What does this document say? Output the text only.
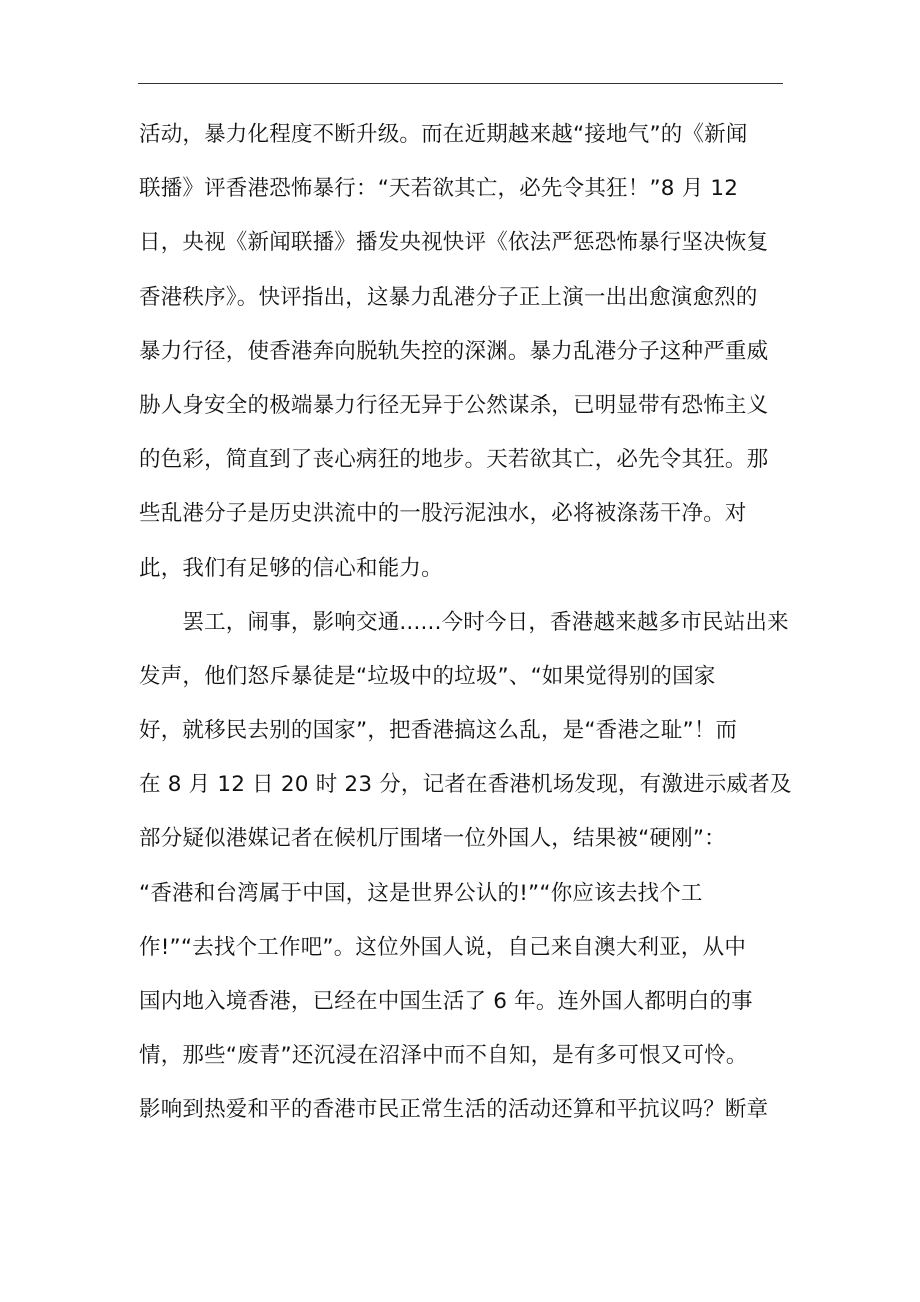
活动，暴力化程度不断升级。而在近期越来越“接地气”的《新闻
联播》评香港恐怖暴行：“天若欲其亡，必先令其狂！”8 月 12
日，央视《新闻联播》播发央视快评《依法严惩恐怖暴行坚决恢复
香港秩序》。快评指出，这暴力乱港分子正上演一出出愈演愈烈的
暴力行径，使香港奔向脱轨失控的深渊。暴力乱港分子这种严重威
胁人身安全的极端暴力行径无异于公然谋杀，已明显带有恐怖主义
的色彩，简直到了丧心病狂的地步。天若欲其亡，必先令其狂。那
些乱港分子是历史洪流中的一股污泥浊水，必将被涤荡干净。对
此，我们有足够的信心和能力。
　　罢工，闹事，影响交通......今时今日，香港越来越多市民站出来
发声，他们怒斥暴徒是“垃圾中的垃圾”、“如果觉得别的国家
好，就移民去别的国家”，把香港搞这么乱，是“香港之耻”！而
在 8 月 12 日 20 时 23 分，记者在香港机场发现，有激进示威者及
部分疑似港媒记者在候机厅围堵一位外国人，结果被“硬刚”：
“香港和台湾属于中国，这是世界公认的!”“你应该去找个工
作!”“去找个工作吧”。这位外国人说，自己来自澳大利亚，从中
国内地入境香港，已经在中国生活了 6 年。连外国人都明白的事
情，那些“废青”还沉浸在沼泽中而不自知，是有多可恨又可怜。
影响到热爱和平的香港市民正常生活的活动还算和平抗议吗？断章
